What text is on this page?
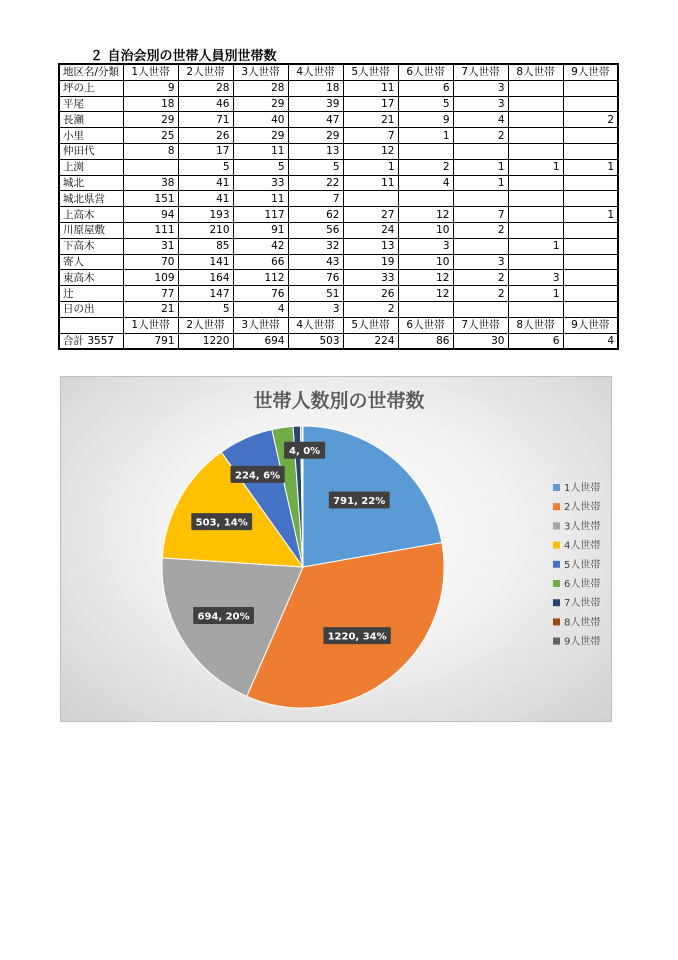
２ 自治会別の世帯人員別世帯数
地区名/分類	1人世帯	2人世帯	3人世帯	4人世帯	5人世帯	6人世帯	7人世帯	8人世帯	9人世帯
坪の上	9	28	28	18	11	6	3		
平尾	18	46	29	39	17	5	3		
長瀬	29	71	40	47	21	9	4		2
小里	25	26	29	29	7	1	2		
仲田代	8	17	11	13	12				
上渕		5	5	5	1	2	1	1	1
城北	38	41	33	22	11	4	1		
城北県営	151	41	11	7					
上高木	94	193	117	62	27	12	7		1
川原屋敷	111	210	91	56	24	10	2		
下高木	31	85	42	32	13	3		1	
寄人	70	141	66	43	19	10	3		
東高木	109	164	112	76	33	12	2	3	
辻	77	147	76	51	26	12	2	1	
日の出	21	5	4	3	2				
	1人世帯	2人世帯	3人世帯	4人世帯	5人世帯	6人世帯	7人世帯	8人世帯	9人世帯
合計 3557	791	1220	694	503	224	86	30	6	4
世帯人数別の世帯数
791, 22%
1220, 34%
694, 20%
503, 14%
224, 6%
4, 0%
1人世帯
2人世帯
3人世帯
4人世帯
5人世帯
6人世帯
7人世帯
8人世帯
9人世帯
